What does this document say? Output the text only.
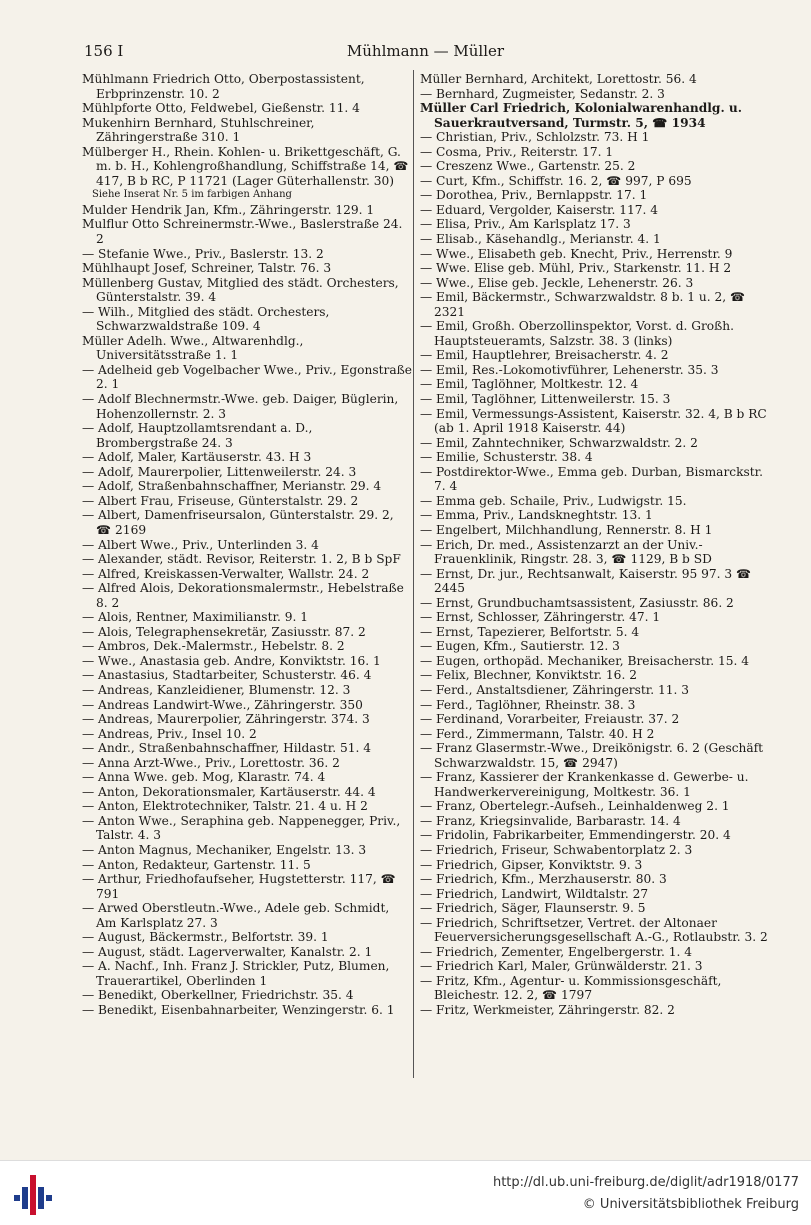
156 I	Mühlmann — Müller
Mühlmann Friedrich Otto, Oberpostassistent, Erbprinzenstr. 10. 2
Mühlpforte Otto, Feldwebel, Gießenstr. 11. 4
Mukenhirn Bernhard, Stuhlschreiner, Zähringerstraße 310. 1
Mülberger H., Rhein. Kohlen- u. Brikettgeschäft, G. m. b. H., Kohlengroßhandlung, Schiffstraße 14, ☎ 417, B b RC, P 11721 (Lager Güterhallenstr. 30)
Siehe Inserat Nr. 5 im farbigen Anhang
Mulder Hendrik Jan, Kfm., Zähringerstr. 129. 1
Mulflur Otto Schreinermstr.-Wwe., Baslerstraße 24. 2
— Stefanie Wwe., Priv., Baslerstr. 13. 2
Mühlhaupt Josef, Schreiner, Talstr. 76. 3
Müllenberg Gustav, Mitglied des städt. Orchesters, Günterstalstr. 39. 4
— Wilh., Mitglied des städt. Orchesters, Schwarzwaldstraße 109. 4
Müller Adelh. Wwe., Altwarenhdlg., Universitätsstraße 1. 1
— Adelheid geb Vogelbacher Wwe., Priv., Egonstraße 2. 1
— Adolf Blechnermstr.-Wwe. geb. Daiger, Büglerin, Hohenzollernstr. 2. 3
— Adolf, Hauptzollamtsrendant a. D., Brombergstraße 24. 3
— Adolf, Maler, Kartäuserstr. 43. H 3
— Adolf, Maurerpolier, Littenweilerstr. 24. 3
— Adolf, Straßenbahnschaffner, Merianstr. 29. 4
— Albert Frau, Friseuse, Günterstalstr. 29. 2
— Albert, Damenfriseursalon, Günterstalstr. 29. 2, ☎ 2169
— Albert Wwe., Priv., Unterlinden 3. 4
— Alexander, städt. Revisor, Reiterstr. 1. 2, B b SpF
— Alfred, Kreiskassen-Verwalter, Wallstr. 24. 2
— Alfred Alois, Dekorationsmalermstr., Hebelstraße 8. 2
— Alois, Rentner, Maximilianstr. 9. 1
— Alois, Telegraphensekretär, Zasiusstr. 87. 2
— Ambros, Dek.-Malermstr., Hebelstr. 8. 2
— Wwe., Anastasia geb. Andre, Konviktstr. 16. 1
— Anastasius, Stadtarbeiter, Schusterstr. 46. 4
— Andreas, Kanzleidiener, Blumenstr. 12. 3
— Andreas Landwirt-Wwe., Zähringerstr. 350
— Andreas, Maurerpolier, Zähringerstr. 374. 3
— Andreas, Priv., Insel 10. 2
— Andr., Straßenbahnschaffner, Hildastr. 51. 4
— Anna Arzt-Wwe., Priv., Lorettostr. 36. 2
— Anna Wwe. geb. Mog, Klarastr. 74. 4
— Anton, Dekorationsmaler, Kartäuserstr. 44. 4
— Anton, Elektrotechniker, Talstr. 21. 4 u. H 2
— Anton Wwe., Seraphina geb. Nappenegger, Priv., Talstr. 4. 3
— Anton Magnus, Mechaniker, Engelstr. 13. 3
— Anton, Redakteur, Gartenstr. 11. 5
— Arthur, Friedhofaufseher, Hugstetterstr. 117, ☎ 791
— Arwed Oberstleutn.-Wwe., Adele geb. Schmidt, Am Karlsplatz 27. 3
— August, Bäckermstr., Belfortstr. 39. 1
— August, städt. Lagerverwalter, Kanalstr. 2. 1
— A. Nachf., Inh. Franz J. Strickler, Putz, Blumen, Trauerartikel, Oberlinden 1
— Benedikt, Oberkellner, Friedrichstr. 35. 4
— Benedikt, Eisenbahnarbeiter, Wenzingerstr. 6. 1
Müller Bernhard, Architekt, Lorettostr. 56. 4
— Bernhard, Zugmeister, Sedanstr. 2. 3
Müller Carl Friedrich, Kolonialwarenhandlg. u. Sauerkrautversand, Turmstr. 5, ☎ 1934
— Christian, Priv., Schlolzstr. 73. H 1
— Cosma, Priv., Reiterstr. 17. 1
— Creszenz Wwe., Gartenstr. 25. 2
— Curt, Kfm., Schiffstr. 16. 2, ☎ 997, P 695
— Dorothea, Priv., Bernlappstr. 17. 1
— Eduard, Vergolder, Kaiserstr. 117. 4
— Elisa, Priv., Am Karlsplatz 17. 3
— Elisab., Käsehandlg., Merianstr. 4. 1
— Wwe., Elisabeth geb. Knecht, Priv., Herrenstr. 9
— Wwe. Elise geb. Mühl, Priv., Starkenstr. 11. H 2
— Wwe., Elise geb. Jeckle, Lehenerstr. 26. 3
— Emil, Bäckermstr., Schwarzwaldstr. 8 b. 1 u. 2, ☎ 2321
— Emil, Großh. Oberzollinspektor, Vorst. d. Großh. Hauptsteueramts, Salzstr. 38. 3 (links)
— Emil, Hauptlehrer, Breisacherstr. 4. 2
— Emil, Res.-Lokomotivführer, Lehenerstr. 35. 3
— Emil, Taglöhner, Moltkestr. 12. 4
— Emil, Taglöhner, Littenweilerstr. 15. 3
— Emil, Vermessungs-Assistent, Kaiserstr. 32. 4, B b RC (ab 1. April 1918 Kaiserstr. 44)
— Emil, Zahntechniker, Schwarzwaldstr. 2. 2
— Emilie, Schusterstr. 38. 4
— Postdirektor-Wwe., Emma geb. Durban, Bismarckstr. 7. 4
— Emma geb. Schaile, Priv., Ludwigstr. 15.
— Emma, Priv., Landskneghtstr. 13. 1
— Engelbert, Milchhandlung, Rennerstr. 8. H 1
— Erich, Dr. med., Assistenzarzt an der Univ.-Frauenklinik, Ringstr. 28. 3, ☎ 1129, B b SD
— Ernst, Dr. jur., Rechtsanwalt, Kaiserstr. 95 97. 3 ☎ 2445
— Ernst, Grundbuchamtsassistent, Zasiusstr. 86. 2
— Ernst, Schlosser, Zähringerstr. 47. 1
— Ernst, Tapezierer, Belfortstr. 5. 4
— Eugen, Kfm., Sautierstr. 12. 3
— Eugen, orthopäd. Mechaniker, Breisacherstr. 15. 4
— Felix, Blechner, Konviktstr. 16. 2
— Ferd., Anstaltsdiener, Zähringerstr. 11. 3
— Ferd., Taglöhner, Rheinstr. 38. 3
— Ferdinand, Vorarbeiter, Freiaustr. 37. 2
— Ferd., Zimmermann, Talstr. 40. H 2
— Franz Glasermstr.-Wwe., Dreikönigstr. 6. 2 (Geschäft Schwarzwaldstr. 15, ☎ 2947)
— Franz, Kassierer der Krankenkasse d. Gewerbe- u. Handwerkervereinigung, Moltkestr. 36. 1
— Franz, Obertelegr.-Aufseh., Leinhaldenweg 2. 1
— Franz, Kriegsinvalide, Barbarastr. 14. 4
— Fridolin, Fabrikarbeiter, Emmendingerstr. 20. 4
— Friedrich, Friseur, Schwabentorplatz 2. 3
— Friedrich, Gipser, Konviktstr. 9. 3
— Friedrich, Kfm., Merzhauserstr. 80. 3
— Friedrich, Landwirt, Wildtalstr. 27
— Friedrich, Säger, Flaunserstr. 9. 5
— Friedrich, Schriftsetzer, Vertret. der Altonaer Feuerversicherungsgesellschaft A.-G., Rotlaubstr. 3. 2
— Friedrich, Zementer, Engelbergerstr. 1. 4
— Friedrich Karl, Maler, Grünwälderstr. 21. 3
— Fritz, Kfm., Agentur- u. Kommissionsgeschäft, Bleichestr. 12. 2, ☎ 1797
— Fritz, Werkmeister, Zähringerstr. 82. 2
http://dl.ub.uni-freiburg.de/diglit/adr1918/0177
© Universitätsbibliothek Freiburg
